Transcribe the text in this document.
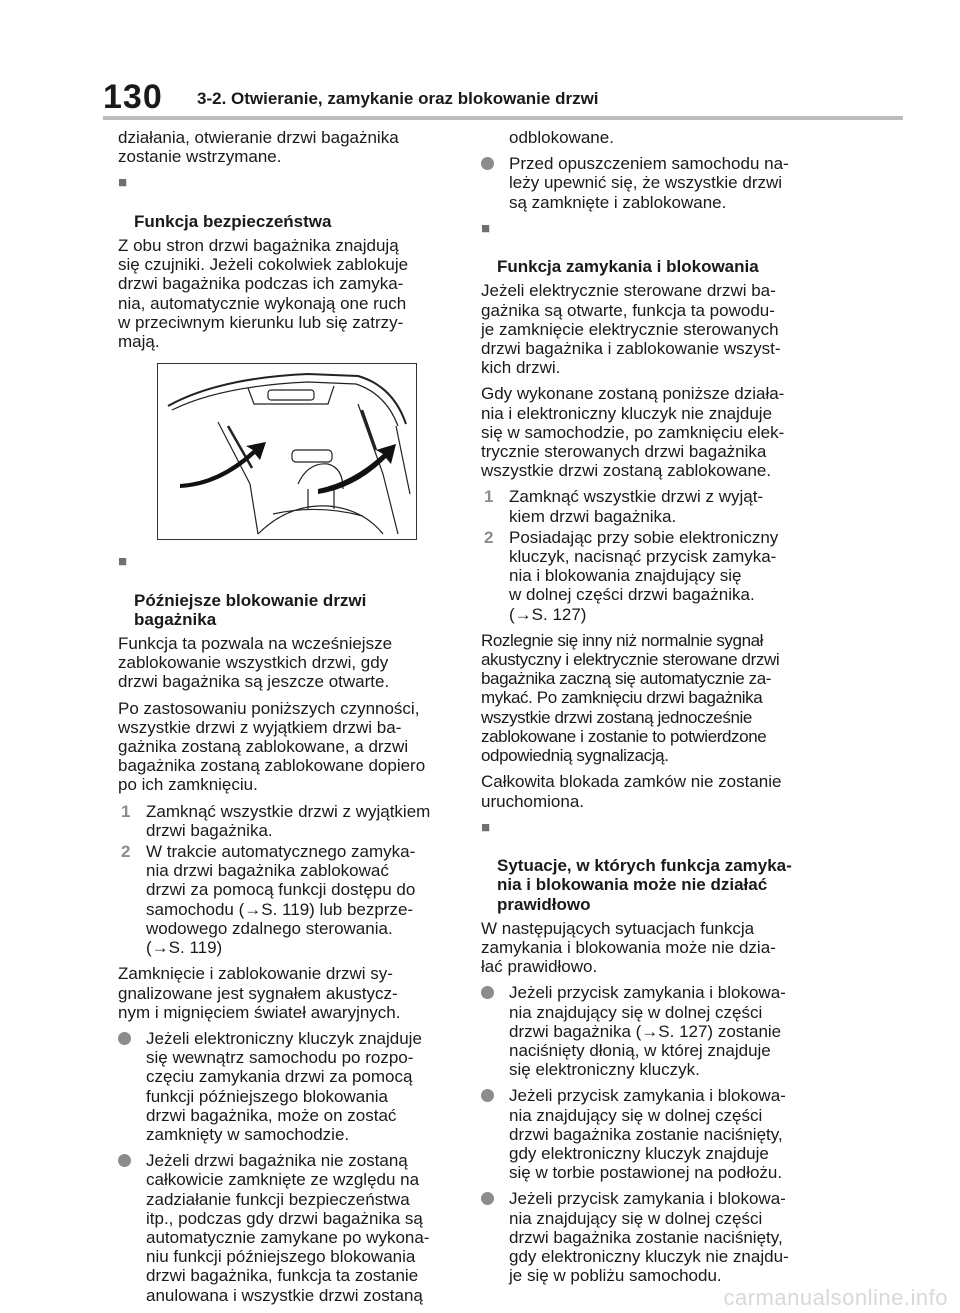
130 3-2. Otwieranie, zamykanie oraz blokowanie drzwi
działania, otwieranie drzwi bagażnika
zostanie wstrzymane.

■

Funkcja bezpieczeństwa

Z obu stron drzwi bagażnika znajdują
się czujniki. Jeżeli cokolwiek zablokuje
drzwi bagażnika podczas ich zamyka-
nia, automatycznie wykonają one ruch
w przeciwnym kierunku lub się zatrzy-
mają.

■

Późniejsze blokowanie drzwi
bagażnika

Funkcja ta pozwala na wcześniejsze
zablokowanie wszystkich drzwi, gdy
drzwi bagażnika są jeszcze otwarte.
Po zastosowaniu poniższych czynności,
wszystkie drzwi z wyjątkiem drzwi ba-
gażnika zostaną zablokowane, a drzwi
bagażnika zostaną zablokowane dopiero
po ich zamknięciu.
1 Zamknąć wszystkie drzwi z wyjątkiem
drzwi bagażnika.
2 W trakcie automatycznego zamyka-
nia drzwi bagażnika zablokować
drzwi za pomocą funkcji dostępu do
samochodu (→S. 119) lub bezprze-
wodowego zdalnego sterowania.
(→S. 119)
Zamknięcie i zablokowanie drzwi sy-
gnalizowane jest sygnałem akustycz-
nym i mignięciem świateł awaryjnych.
Jeżeli elektroniczny kluczyk znajduje
się wewnątrz samochodu po rozpo-
częciu zamykania drzwi za pomocą
funkcji późniejszego blokowania
drzwi bagażnika, może on zostać
zamknięty w samochodzie.
Jeżeli drzwi bagażnika nie zostaną
całkowicie zamknięte ze względu na
zadziałanie funkcji bezpieczeństwa
itp., podczas gdy drzwi bagażnika są
automatycznie zamykane po wykona-
niu funkcji późniejszego blokowania
drzwi bagażnika, funkcja ta zostanie
anulowana i wszystkie drzwi zostaną
odblokowane.
Przed opuszczeniem samochodu na-
leży upewnić się, że wszystkie drzwi
są zamknięte i zablokowane.

■

Funkcja zamykania i blokowania

Jeżeli elektrycznie sterowane drzwi ba-
gażnika są otwarte, funkcja ta powodu-
je zamknięcie elektrycznie sterowanych
drzwi bagażnika i zablokowanie wszyst-
kich drzwi.
Gdy wykonane zostaną poniższe działa-
nia i elektroniczny kluczyk nie znajduje
się w samochodzie, po zamknięciu elek-
trycznie sterowanych drzwi bagażnika
wszystkie drzwi zostaną zablokowane.
1 Zamknąć wszystkie drzwi z wyjąt-
kiem drzwi bagażnika.
2 Posiadając przy sobie elektroniczny
kluczyk, nacisnąć przycisk zamyka-
nia i blokowania znajdujący się
w dolnej części drzwi bagażnika.
(→S. 127)
Rozlegnie się inny niż normalnie sygnał
akustyczny i elektrycznie sterowane drzwi
bagażnika zaczną się automatycznie za-
mykać. Po zamknięciu drzwi bagażnika
wszystkie drzwi zostaną jednocześnie
zablokowane i zostanie to potwierdzone
odpowiednią sygnalizacją.
Całkowita blokada zamków nie zostanie
uruchomiona.

■

Sytuacje, w których funkcja zamyka-
nia i blokowania może nie działać
prawidłowo

W następujących sytuacjach funkcja
zamykania i blokowania może nie dzia-
łać prawidłowo.
Jeżeli przycisk zamykania i blokowa-
nia znajdujący się w dolnej części
drzwi bagażnika (→S. 127) zostanie
naciśnięty dłonią, w której znajduje
się elektroniczny kluczyk.
Jeżeli przycisk zamykania i blokowa-
nia znajdujący się w dolnej części
drzwi bagażnika zostanie naciśnięty,
gdy elektroniczny kluczyk znajduje
się w torbie postawionej na podłożu.
Jeżeli przycisk zamykania i blokowa-
nia znajdujący się w dolnej części
drzwi bagażnika zostanie naciśnięty,
gdy elektroniczny kluczyk nie znajdu-
je się w pobliżu samochodu.
carmanualsonline.info
